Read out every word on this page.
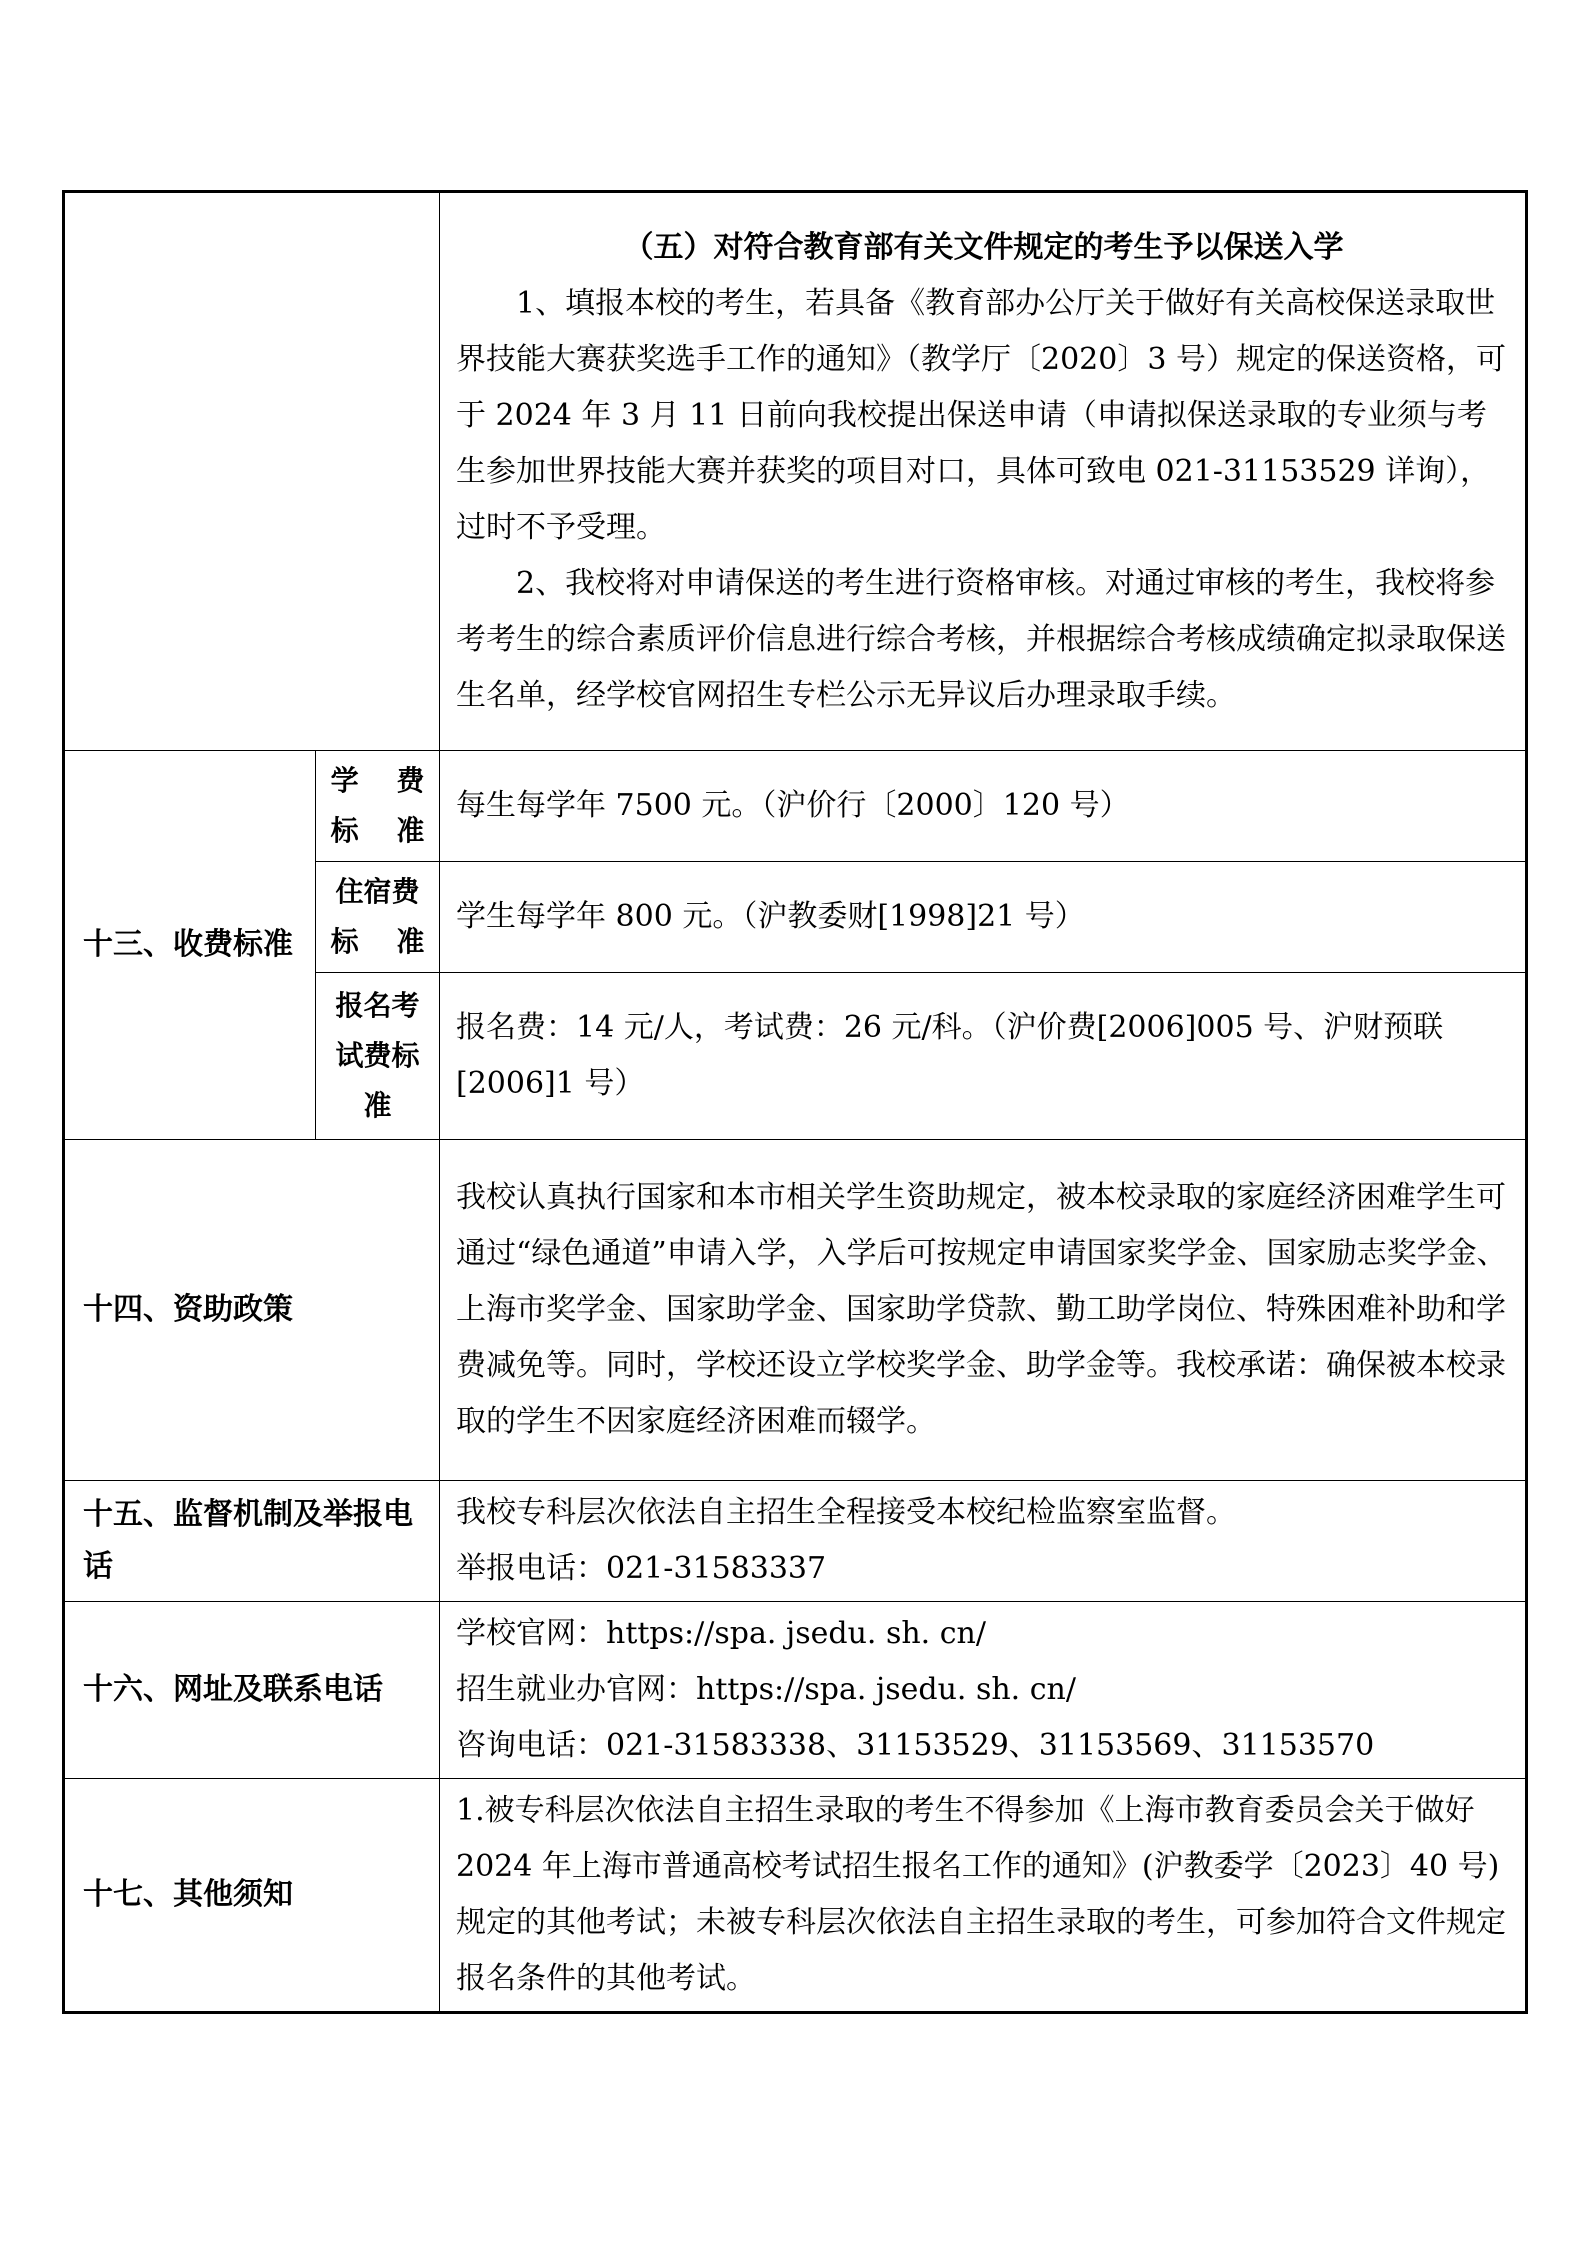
		（五）对符合教育部有关文件规定的考生予以保送入学

1、填报本校的考生，若具备《教育部办公厅关于做好有关高校保送录取世界技能大赛获奖选手工作的通知》（教学厅〔2020〕3 号）规定的保送资格，可于 2024 年 3 月 11 日前向我校提出保送申请（申请拟保送录取的专业须与考生参加世界技能大赛并获奖的项目对口，具体可致电 021-31153529 详询），过时不予受理。

2、我校将对申请保送的考生进行资格审核。对通过审核的考生，我校将参考考生的综合素质评价信息进行综合考核，并根据综合考核成绩确定拟录取保送生名单，经学校官网招生专栏公示无异议后办理录取手续。

十三、收费标准	学 费
标 准	每生每学年 7500 元。（沪价行〔2000〕120 号）

	住宿费
标 准	学生每学年 800 元。（沪教委财[1998]21 号）

	报名考
试费标
准	报名费：14 元/人，考试费：26 元/科。（沪价费[2006]005 号、沪财预联[2006]1 号）
十四、资助政策		我校认真执行国家和本市相关学生资助规定，被本校录取的家庭经济困难学生可通过“绿色通道”申请入学，入学后可按规定申请国家奖学金、国家励志奖学金、上海市奖学金、国家助学金、国家助学贷款、勤工助学岗位、特殊困难补助和学费减免等。同时，学校还设立学校奖学金、助学金等。我校承诺：确保被本校录取的学生不因家庭经济困难而辍学。
十五、监督机制及举报电话		我校专科层次依法自主招生全程接受本校纪检监察室监督。

举报电话：021-31583337

十六、网址及联系电话		学校官网：https://spa. jsedu. sh. cn/

招生就业办官网：https://spa. jsedu. sh. cn/

咨询电话：021-31583338、31153529、31153569、31153570

十七、其他须知		1.被专科层次依法自主招生录取的考生不得参加《上海市教育委员会关于做好 2024 年上海市普通高校考试招生报名工作的通知》(沪教委学〔2023〕40 号)规定的其他考试；未被专科层次依法自主招生录取的考生，可参加符合文件规定报名条件的其他考试。
